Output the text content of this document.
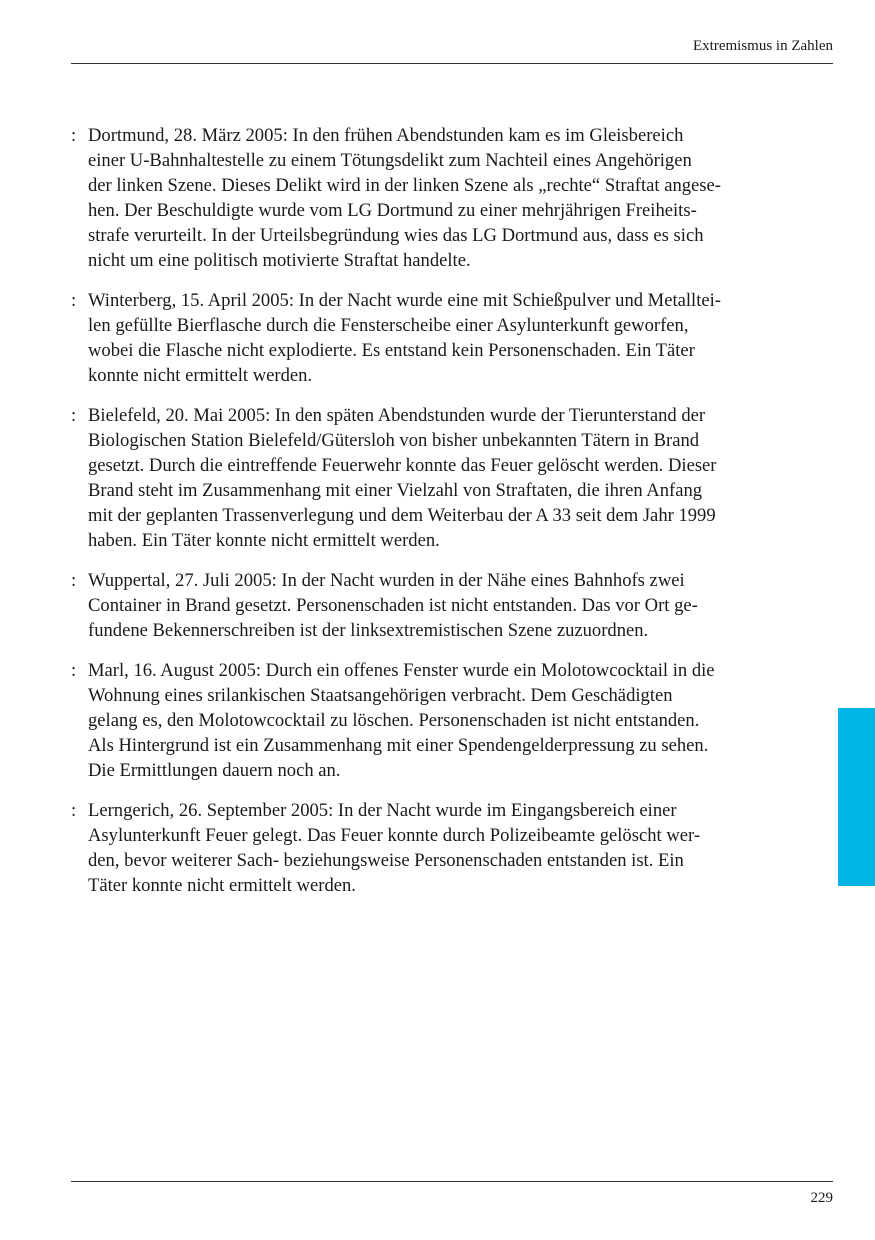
Extremismus in Zahlen
: Dortmund, 28. März 2005: In den frühen Abendstunden kam es im Gleisbereich
einer U-Bahnhaltestelle zu einem Tötungsdelikt zum Nachteil eines Angehörigen
der linken Szene. Dieses Delikt wird in der linken Szene als „rechte“ Straftat angese-
hen. Der Beschuldigte wurde vom LG Dortmund zu einer mehrjährigen Freiheits-
strafe verurteilt. In der Urteilsbegründung wies das LG Dortmund aus, dass es sich
nicht um eine politisch motivierte Straftat handelte.
: Winterberg, 15. April 2005: In der Nacht wurde eine mit Schießpulver und Metalltei-
len gefüllte Bierflasche durch die Fensterscheibe einer Asylunterkunft geworfen,
wobei die Flasche nicht explodierte. Es entstand kein Personenschaden. Ein Täter
konnte nicht ermittelt werden.
: Bielefeld, 20. Mai 2005: In den späten Abendstunden wurde der Tierunterstand der
Biologischen Station Bielefeld/Gütersloh von bisher unbekannten Tätern in Brand
gesetzt. Durch die eintreffende Feuerwehr konnte das Feuer gelöscht werden. Dieser
Brand steht im Zusammenhang mit einer Vielzahl von Straftaten, die ihren Anfang
mit der geplanten Trassenverlegung und dem Weiterbau der A 33 seit dem Jahr 1999
haben. Ein Täter konnte nicht ermittelt werden.
: Wuppertal, 27. Juli 2005: In der Nacht wurden in der Nähe eines Bahnhofs zwei
Container in Brand gesetzt. Personenschaden ist nicht entstanden. Das vor Ort ge-
fundene Bekennerschreiben ist der linksextremistischen Szene zuzuordnen.
: Marl, 16. August 2005: Durch ein offenes Fenster wurde ein Molotowcocktail in die
Wohnung eines srilankischen Staatsangehörigen verbracht. Dem Geschädigten
gelang es, den Molotowcocktail zu löschen. Personenschaden ist nicht entstanden.
Als Hintergrund ist ein Zusammenhang mit einer Spendengelderpressung zu sehen.
Die Ermittlungen dauern noch an.
: Lerngerich, 26. September 2005: In der Nacht wurde im Eingangsbereich einer
Asylunterkunft Feuer gelegt. Das Feuer konnte durch Polizeibeamte gelöscht wer-
den, bevor weiterer Sach- beziehungsweise Personenschaden entstanden ist. Ein
Täter konnte nicht ermittelt werden.
229
